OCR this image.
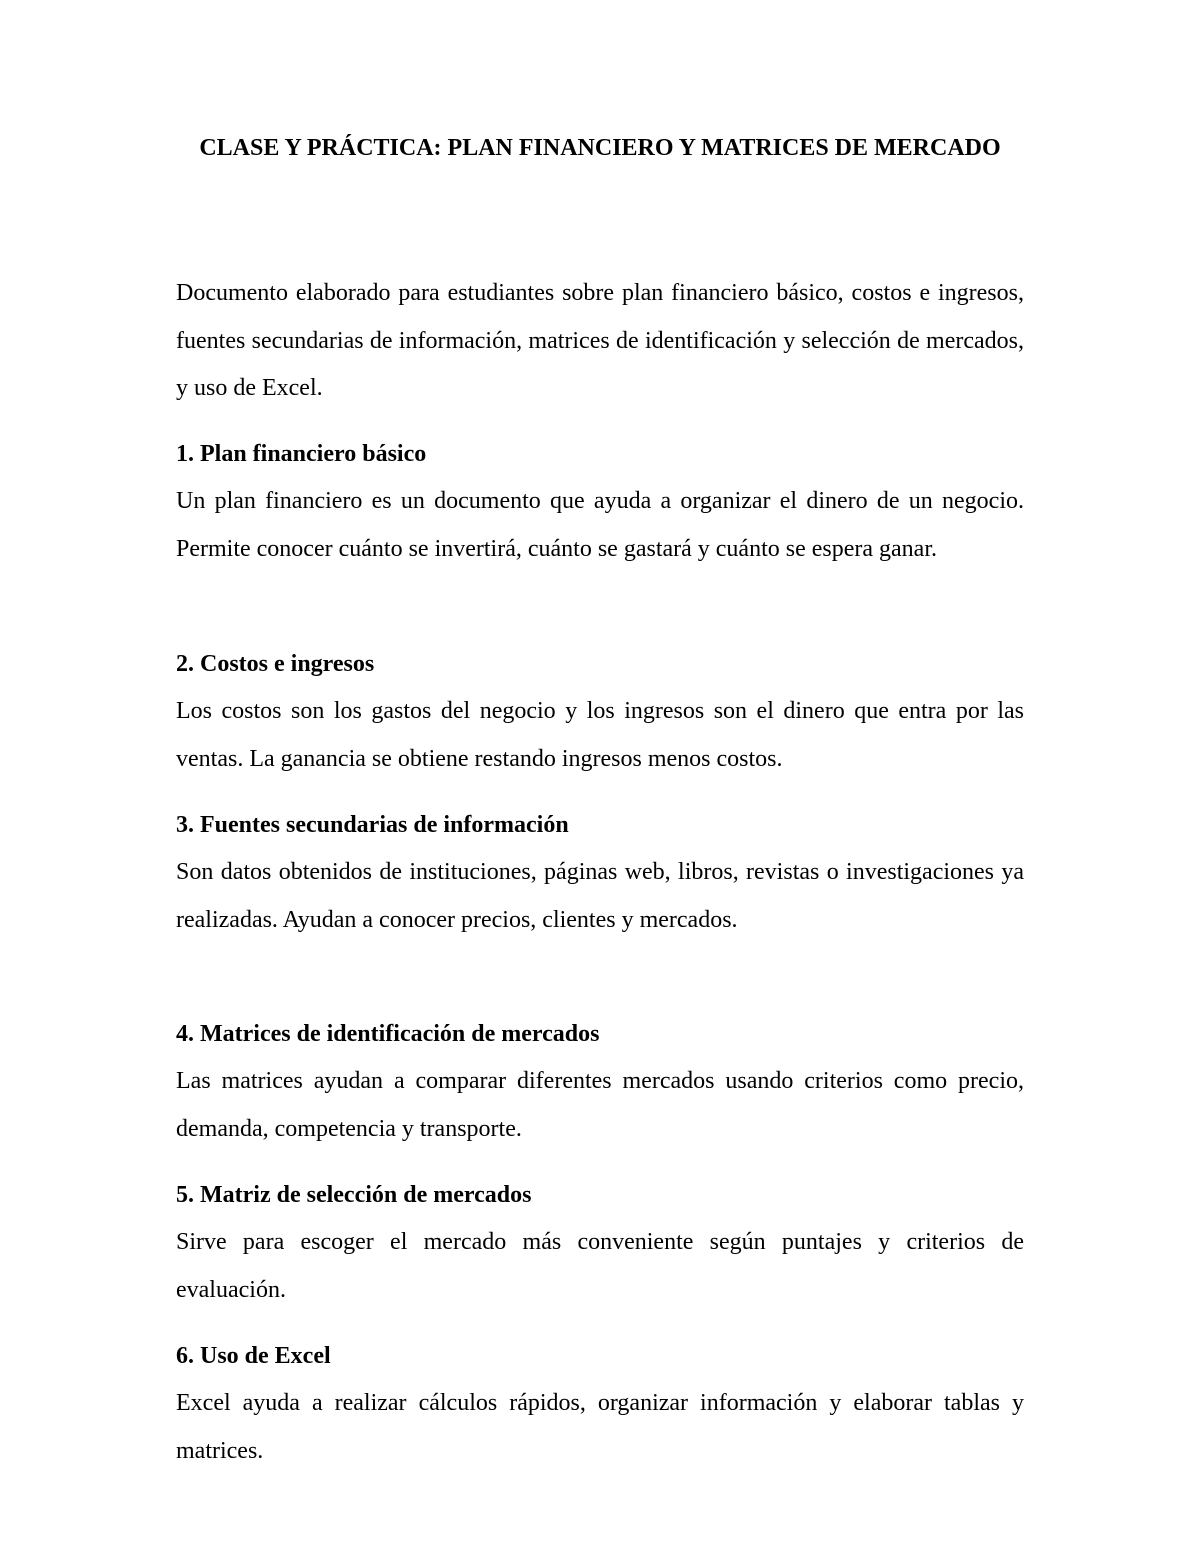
CLASE Y PRÁCTICA: PLAN FINANCIERO Y MATRICES DE MERCADO

Documento elaborado para estudiantes sobre plan financiero básico, costos e ingresos, fuentes secundarias de información, matrices de identificación y selección de mercados, y uso de Excel.

1. Plan financiero básico

Un plan financiero es un documento que ayuda a organizar el dinero de un negocio. Permite conocer cuánto se invertirá, cuánto se gastará y cuánto se espera ganar.

2. Costos e ingresos

Los costos son los gastos del negocio y los ingresos son el dinero que entra por las ventas. La ganancia se obtiene restando ingresos menos costos.

3. Fuentes secundarias de información

Son datos obtenidos de instituciones, páginas web, libros, revistas o investigaciones ya realizadas. Ayudan a conocer precios, clientes y mercados.

4. Matrices de identificación de mercados

Las matrices ayudan a comparar diferentes mercados usando criterios como precio, demanda, competencia y transporte.

5. Matriz de selección de mercados

Sirve para escoger el mercado más conveniente según puntajes y criterios de evaluación.

6. Uso de Excel

Excel ayuda a realizar cálculos rápidos, organizar información y elaborar tablas y matrices.
